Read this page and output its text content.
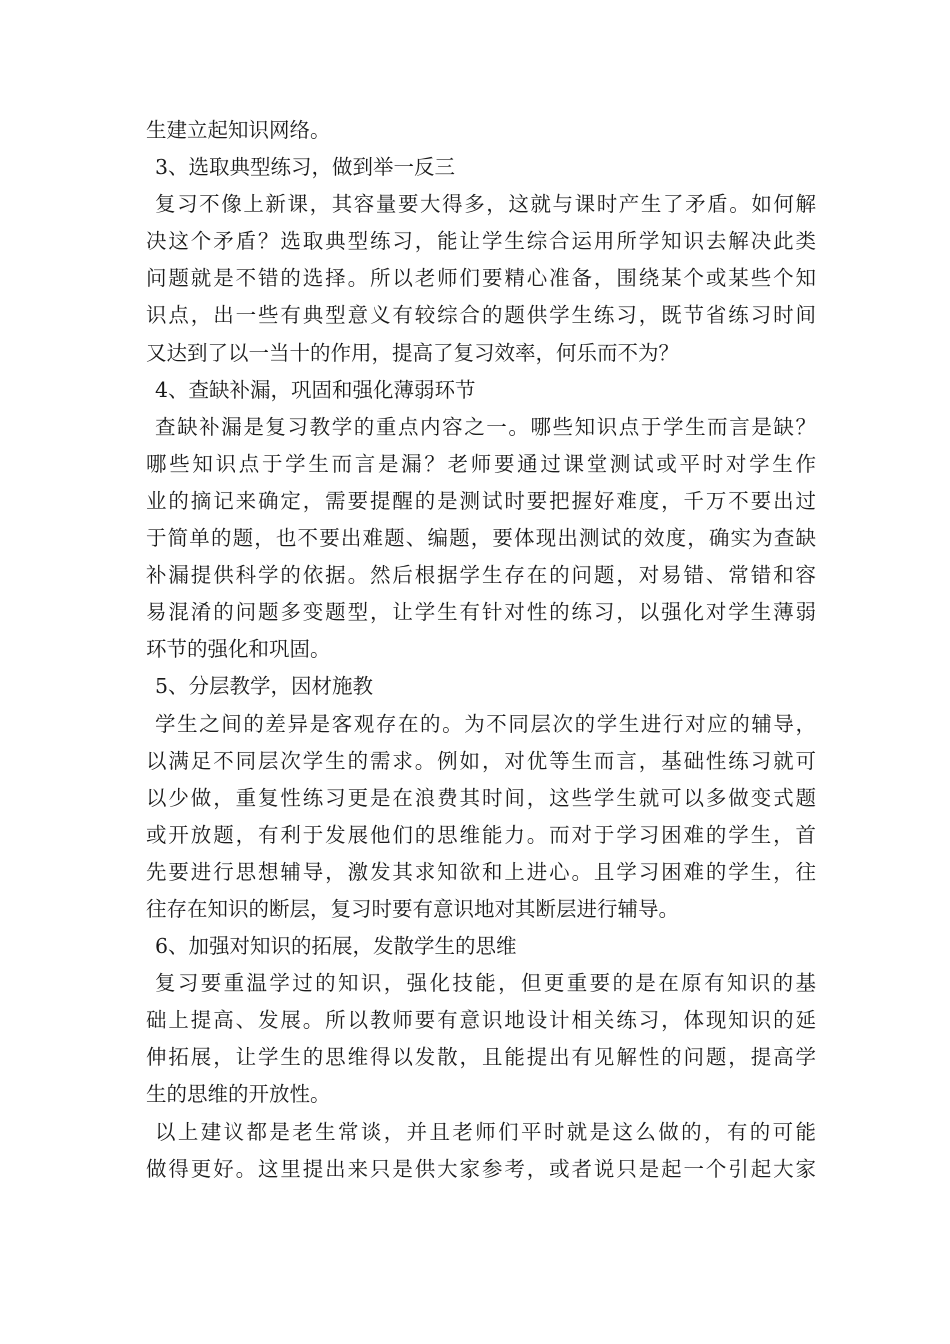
生建立起知识网络。
3、选取典型练习，做到举一反三
复习不像上新课，其容量要大得多，这就与课时产生了矛盾。如何解
决这个矛盾？选取典型练习，能让学生综合运用所学知识去解决此类
问题就是不错的选择。所以老师们要精心准备，围绕某个或某些个知
识点，出一些有典型意义有较综合的题供学生练习，既节省练习时间
又达到了以一当十的作用，提高了复习效率，何乐而不为？
4、查缺补漏，巩固和强化薄弱环节
查缺补漏是复习教学的重点内容之一。哪些知识点于学生而言是缺？
哪些知识点于学生而言是漏？老师要通过课堂测试或平时对学生作
业的摘记来确定，需要提醒的是测试时要把握好难度，千万不要出过
于简单的题，也不要出难题、编题，要体现出测试的效度，确实为查缺
补漏提供科学的依据。然后根据学生存在的问题，对易错、常错和容
易混淆的问题多变题型，让学生有针对性的练习，以强化对学生薄弱
环节的强化和巩固。
5、分层教学，因材施教
学生之间的差异是客观存在的。为不同层次的学生进行对应的辅导，
以满足不同层次学生的需求。例如，对优等生而言，基础性练习就可
以少做，重复性练习更是在浪费其时间，这些学生就可以多做变式题
或开放题，有利于发展他们的思维能力。而对于学习困难的学生，首
先要进行思想辅导，激发其求知欲和上进心。且学习困难的学生，往
往存在知识的断层，复习时要有意识地对其断层进行辅导。
6、加强对知识的拓展，发散学生的思维
复习要重温学过的知识，强化技能，但更重要的是在原有知识的基
础上提高、发展。所以教师要有意识地设计相关练习，体现知识的延
伸拓展，让学生的思维得以发散，且能提出有见解性的问题，提高学
生的思维的开放性。
以上建议都是老生常谈，并且老师们平时就是这么做的，有的可能
做得更好。这里提出来只是供大家参考，或者说只是起一个引起大家
